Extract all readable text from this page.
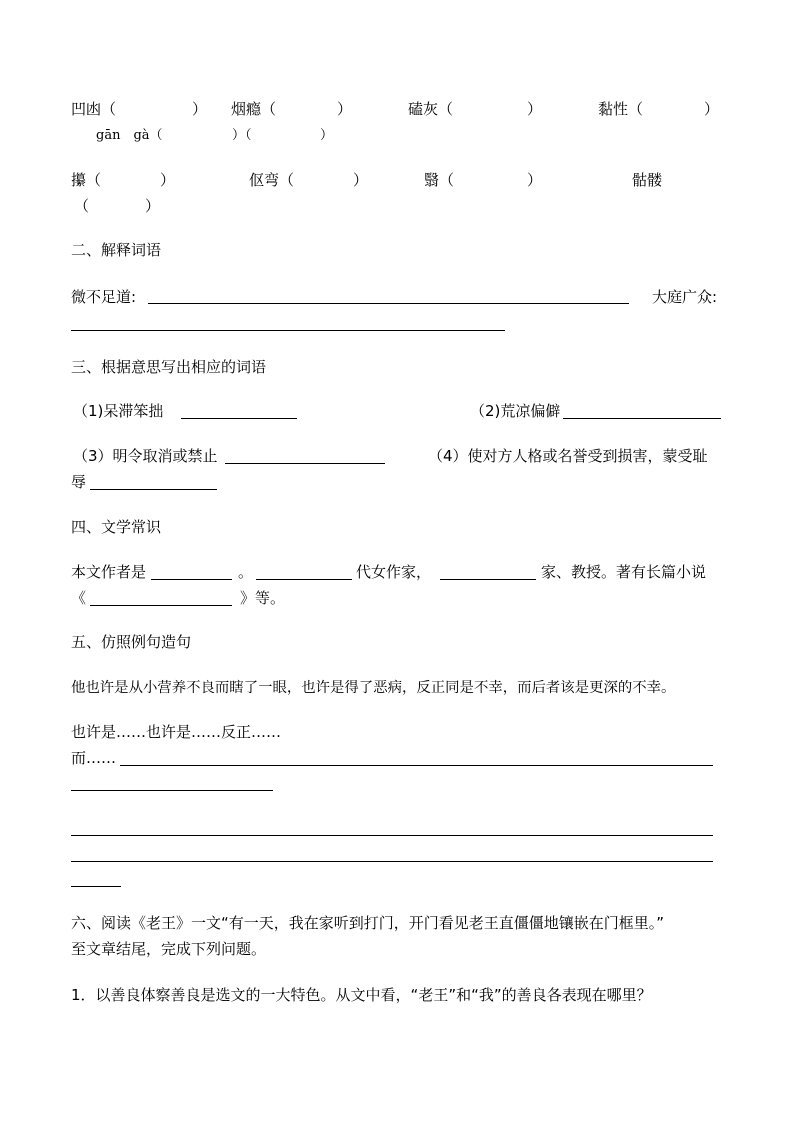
凹凼（	） 烟瘾（	）	磕灰（	）	黏性（	）
gān　gà（	）（	）
攥（	）	伛弯（	）	翳（	）	骷髅
（	）
二、解释词语
微不足道:	大庭广众:
三、根据意思写出相应的词语
（1)呆滞笨拙	（2)荒凉偏僻
（3）明令取消或禁止	（4）使对方人格或名誉受到损害，蒙受耻
辱
四、文学常识
本文作者是	。	代女作家，	家、教授。著有长篇小说
《	》等。
五、仿照例句造句
他也许是从小营养不良而瞎了一眼，也许是得了恶病，反正同是不幸，而后者该是更深的不幸。
也许是……也许是……反正……
而……
六、阅读《老王》一文“有一天，我在家听到打门，开门看见老王直僵僵地镶嵌在门框里。”
至文章结尾，完成下列问题。
1．以善良体察善良是选文的一大特色。从文中看，“老王”和“我”的善良各表现在哪里？
